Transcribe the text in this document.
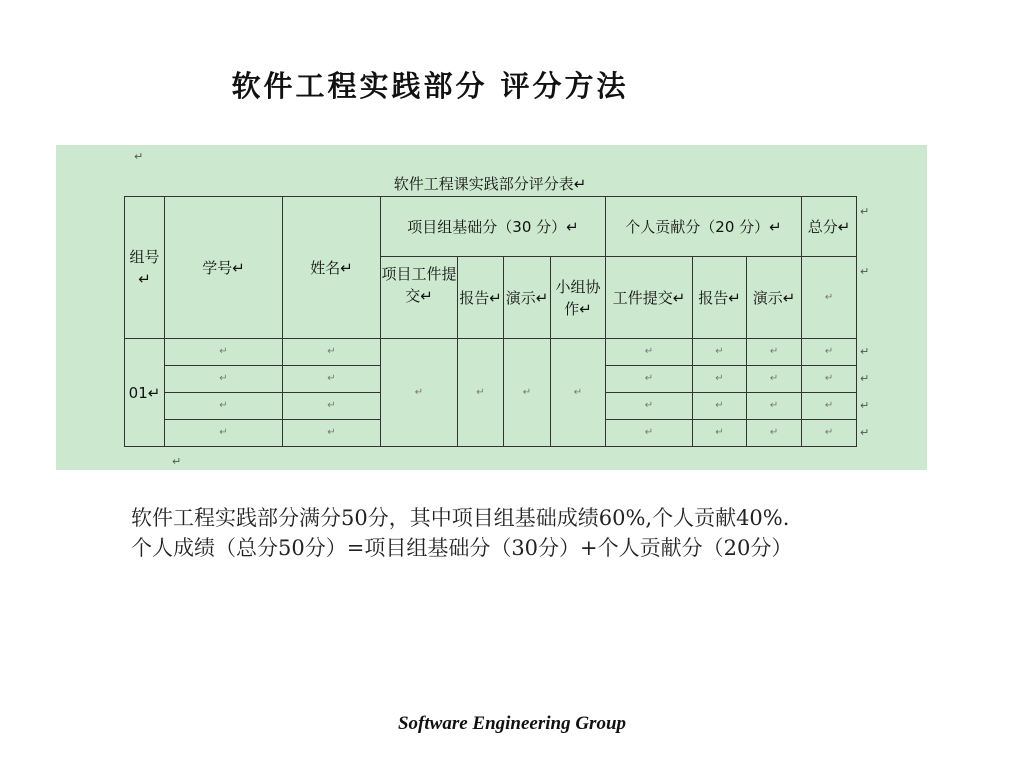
软件工程实践部分 评分方法
↵
软件工程课实践部分评分表↵
组号↵	学号↵	姓名↵	项目组基础分（30 分）↵				个人贡献分（20 分）↵			总分↵
			项目工件提交↵	报告↵	演示↵	小组协作↵	工件提交↵	报告↵	演示↵	↵
01↵	↵	↵	↵	↵	↵	↵	↵	↵	↵	↵
	↵	↵					↵	↵	↵	↵
	↵	↵					↵	↵	↵	↵
	↵	↵					↵	↵	↵	↵
↵
↵
↵
↵
↵
↵
↵

软件工程实践部分满分50分，其中项目组基础成绩60%,个人贡献40%.

个人成绩（总分50分）=项目组基础分（30分）+个人贡献分（20分）

Software Engineering Group
